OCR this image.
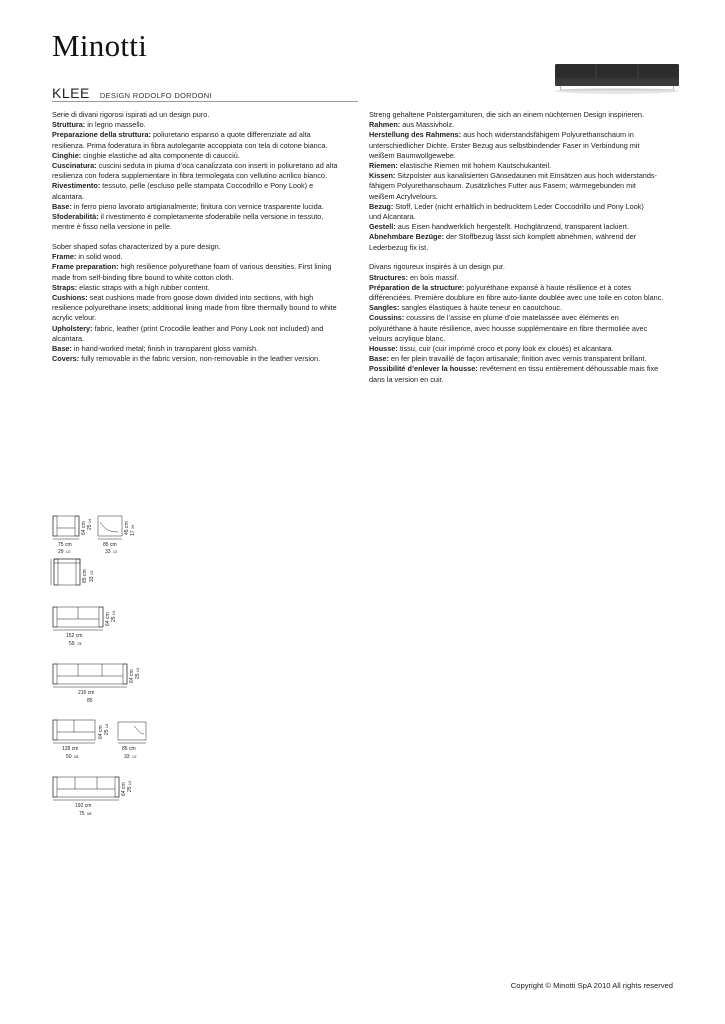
Minotti
KLEE DESIGN RODOLFO DORDONI
Serie di divani rigorosi ispirati ad un design puro.
Struttura: in legno massello.
Preparazione della struttura: poliuretano espanso a quote differenziate ad alta
resilienza. Prima foderatura in fibra autolegante accoppiata con tela di cotone bianca.
Cinghie: cinghie elastiche ad alta componente di caucciù.
Cuscinatura: cuscini seduta in piuma d’oca canalizzata con inserti in poliuretano ad alta
resilienza con fodera supplementare in fibra termolegata con vellutino acrilico bianco.
Rivestimento: tessuto, pelle (escluso pelle stampata Coccodrillo e Pony Look) e
alcantara.
Base: in ferro pieno lavorato artigianalmente; finitura con vernice trasparente lucida.
Sfoderabilità: il rivestimento è completamente sfoderabile nella versione in tessuto,
mentre è fisso nella versione in pelle.
Sober shaped sofas characterized by a pure design.
Frame: in solid wood.
Frame preparation: high resilience polyurethane foam of various densities. First lining
made from self-binding fibre bound to white cotton cloth.
Straps: elastic straps with a high rubber content.
Cushions: seat cushions made from goose down divided into sections, with high
resilience polyurethane insets; additional lining made from fibre thermally bound to white
acrylic velour.
Upholstery: fabric, leather (print Crocodile leather and Pony Look not included) and
alcantara.
Base: in hand-worked metal; finish in transparent gloss varnish.
Covers: fully removable in the fabric version, non-removable in the leather version.
Streng gehaltene Polstergarnituren, die sich an einem nüchternen Design inspirieren.
Rahmen: aus Massivholz.
Herstellung des Rahmens: aus hoch widerstandsfähigem Polyurethanschaum in
unterschiedlicher Dichte. Erster Bezug aus selbstbindender Faser in Verbindung mit
weißem Baumwollgewebe.
Riemen: elastische Riemen mit hohem Kautschukanteil.
Kissen: Sitzpolster aus kanalisierten Gänsedaunen mit Einsätzen aus hoch widerstands-
fähigem Polyurethanschaum. Zusätzliches Futter aus Fasern; wärmegebunden mit
weißem Acrylvelours.
Bezug: Stoff, Leder (nicht erhältlich in bedrucktem Leder Coccodrillo und Pony Look)
und Alcantara.
Gestell: aus Eisen handwerklich hergestellt. Hochglänzend, transparent lackiert.
Abnehmbare Bezüge: der Stoffbezug lässt sich komplett abnehmen, während der
Lederbezug fix ist.
Divans rigoureux inspirés à un design pur.
Structures: en bois massif.
Préparation de la structure: polyuréthane expansé à haute résilience et à cotes
différenciées. Première doublure en fibre auto-liante doublée avec une toile en coton blanc.
Sangles: sangles élastiques à haute teneur en caoutchouc.
Coussins: coussins de l’assise en plume d’oie matelassée avec éléments en
polyuréthane à haute résilience, avec housse supplémentaire en fibre thermoliée avec
velours acrylique blanc.
Housse: tissu, cuir (cuir imprimé croco et pony look ex cloués) et alcantara.
Base: en fer plein travaillé de façon artisanale; finition avec vernis transparent brillant.
Possibilité d’enlever la housse: revêtement en tissu entièrement déhoussable mais fixe
dans la version en cuir.
75 cm
29 1/2
64 cm 25
1/4
85 cm 33
1/2
85 cm
33 1/2
45 cm 17
3/4
152 cm
59 7/8
64 cm 25
1/4
216 cm
85
64 cm 25
1/4
128 cm
50 3/8
64 cm 25
1/4
85 cm
33 1/2
192 cm
75 5/8
64 cm 25
1/4
Copyright © Minotti SpA 2010 All rights reserved
